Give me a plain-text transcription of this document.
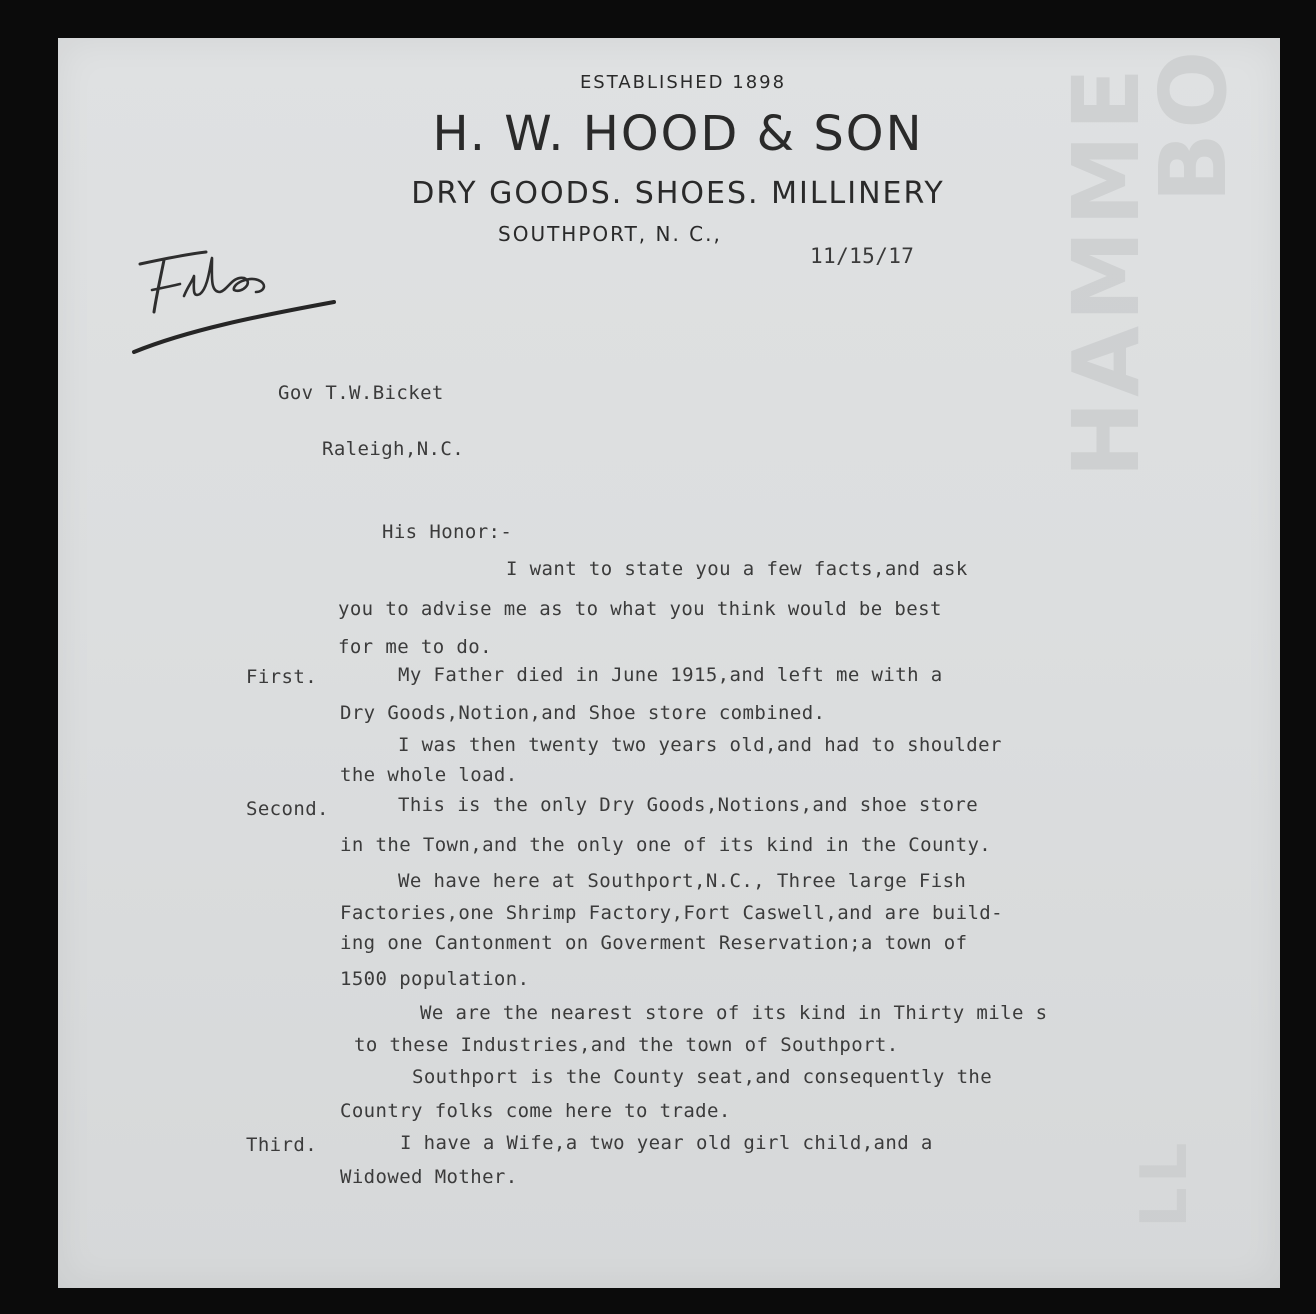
HAMME
BO
LL
ESTABLISHED 1898
H. W. HOOD & SON
DRY GOODS. SHOES. MILLINERY
SOUTHPORT, N. C.,
11/15/17
File
Gov T.W.Bicket
Raleigh,N.C.
His Honor:-
I want to state you a few facts,and ask
you to advise me as to what you think would be best
for me to do.
First.	My Father died in June 1915,and left me with a
Dry Goods,Notion,and Shoe store combined.
I was then twenty two years old,and had to shoulder
the whole load.
Second.	This is the only Dry Goods,Notions,and shoe store
in the Town,and the only one of its kind in the County.
We have here at Southport,N.C., Three large Fish
Factories,one Shrimp Factory,Fort Caswell,and are build-
ing one Cantonment on Goverment Reservation;a town of
1500 population.
We are the nearest store of its kind in Thirty mile s
to these Industries,and the town of Southport.
Southport is the County seat,and consequently the
Country folks come here to trade.
Third.	I have a Wife,a two year old girl child,and a
Widowed Mother.
